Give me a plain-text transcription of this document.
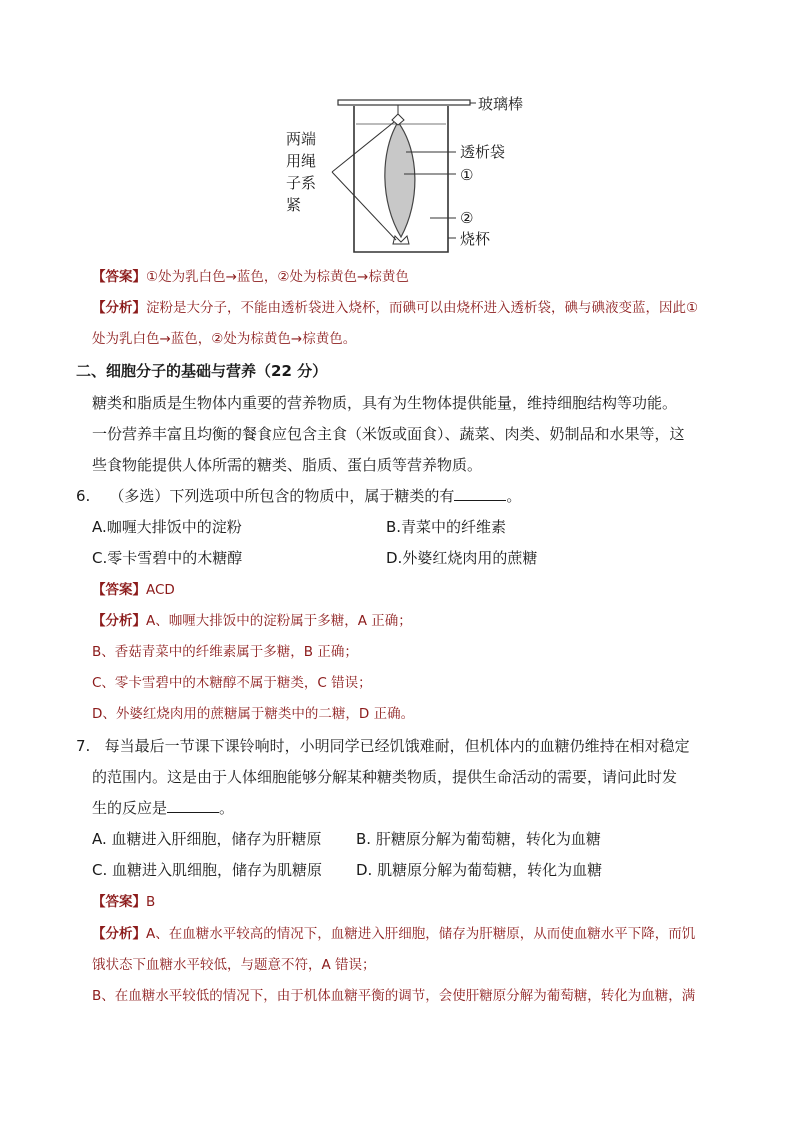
玻璃棒
透析袋
①
②
烧杯
两端
用绳
子系
紧
【答案】①处为乳白色→蓝色，②处为棕黄色→棕黄色
【分析】淀粉是大分子，不能由透析袋进入烧杯，而碘可以由烧杯进入透析袋，碘与碘液变蓝，因此①
处为乳白色→蓝色，②处为棕黄色→棕黄色。
二、细胞分子的基础与营养（22 分）
糖类和脂质是生物体内重要的营养物质，具有为生物体提供能量，维持细胞结构等功能。
一份营养丰富且均衡的餐食应包含主食（米饭或面食）、蔬菜、肉类、奶制品和水果等，这
些食物能提供人体所需的糖类、脂质、蛋白质等营养物质。
6. （多选）下列选项中所包含的物质中，属于糖类的有	。
A.咖喱大排饭中的淀粉	B.青菜中的纤维素
C.零卡雪碧中的木糖醇	D.外婆红烧肉用的蔗糖
【答案】ACD
【分析】A、咖喱大排饭中的淀粉属于多糖，A 正确；
B、香菇青菜中的纤维素属于多糖，B 正确；
C、零卡雪碧中的木糖醇不属于糖类，C 错误；
D、外婆红烧肉用的蔗糖属于糖类中的二糖，D 正确。
7. 每当最后一节课下课铃响时，小明同学已经饥饿难耐，但机体内的血糖仍维持在相对稳定
的范围内。这是由于人体细胞能够分解某种糖类物质，提供生命活动的需要，请问此时发
生的反应是	。
A. 血糖进入肝细胞，储存为肝糖原 B. 肝糖原分解为葡萄糖，转化为血糖
C. 血糖进入肌细胞，储存为肌糖原 D. 肌糖原分解为葡萄糖，转化为血糖
【答案】B
【分析】A、在血糖水平较高的情况下，血糖进入肝细胞，储存为肝糖原，从而使血糖水平下降，而饥
饿状态下血糖水平较低，与题意不符，A 错误；
B、在血糖水平较低的情况下，由于机体血糖平衡的调节，会使肝糖原分解为葡萄糖，转化为血糖，满
